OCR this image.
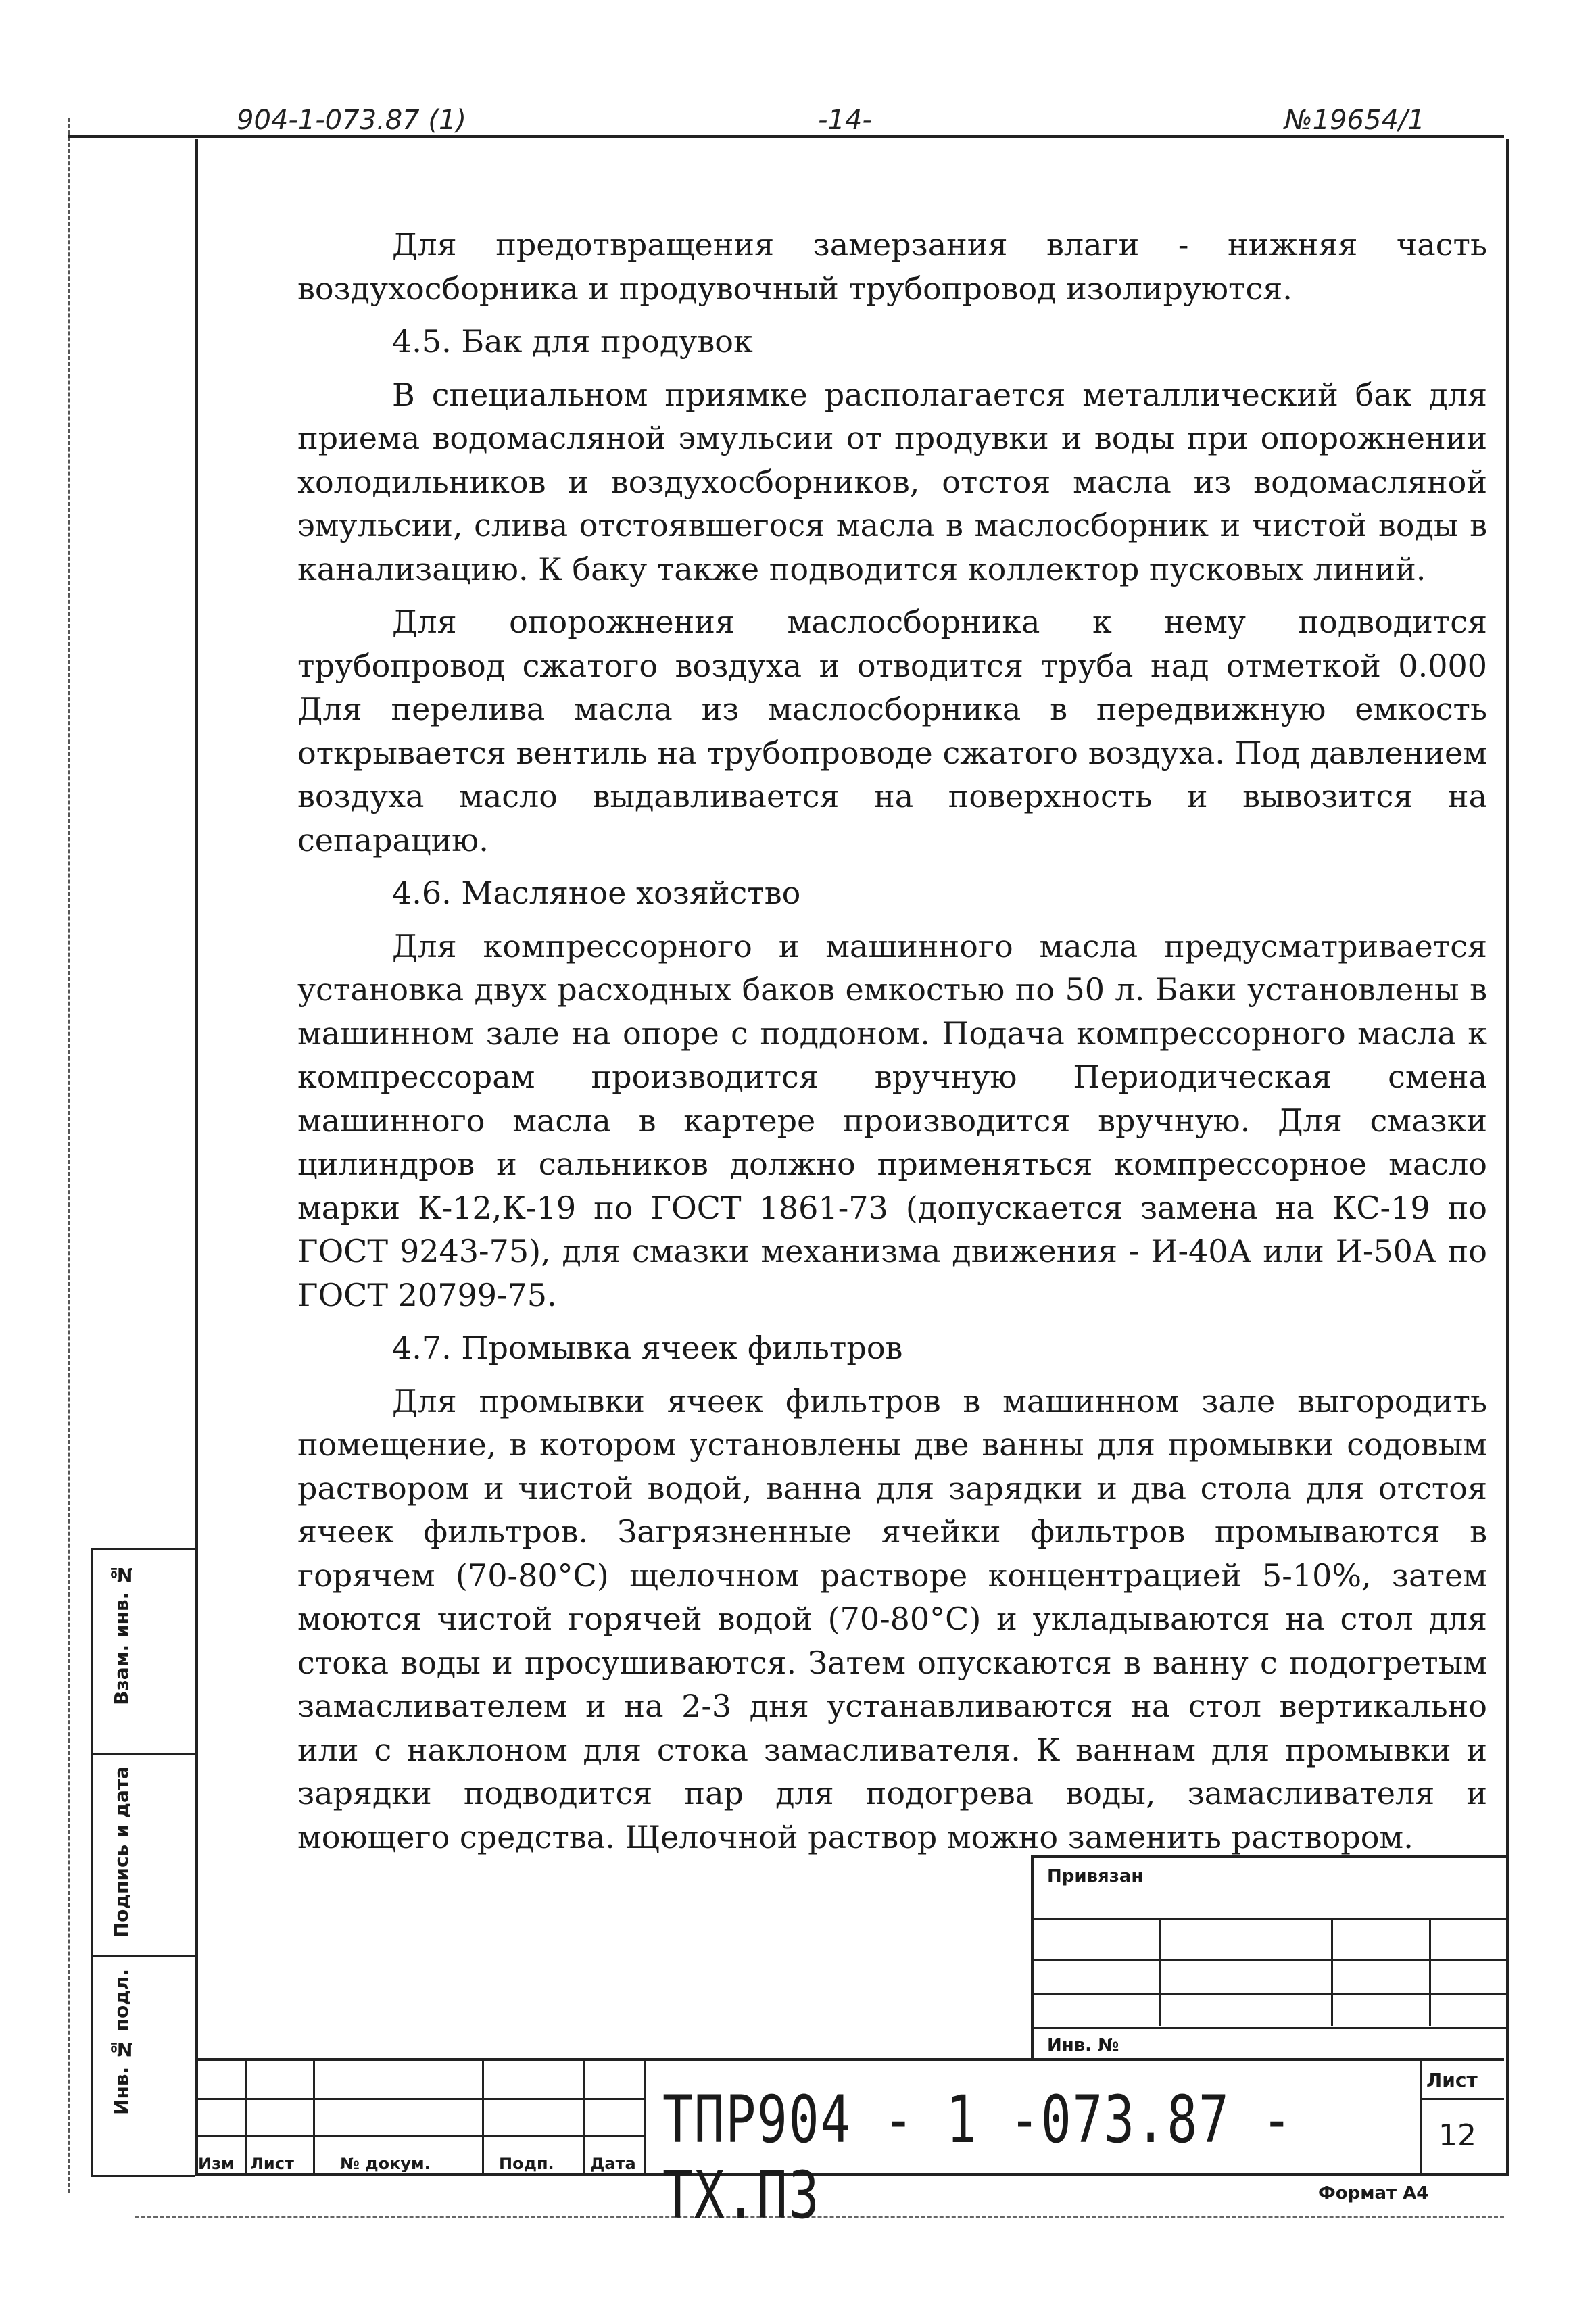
904-1-073.87 (1)	-14-	№19654/1

Для предотвращения замерзания влаги - нижняя часть воздухосборника и продувочный трубопровод изолируются.

4.5. Бак для продувок

В специальном приямке располагается металлический бак для приема водомасляной эмульсии от продувки и воды при опорожнении холодильников и воздухосборников, отстоя масла из водомасляной эмульсии, слива отстоявшегося масла в маслосборник и чистой воды в канализацию. К баку также подводится коллектор пусковых линий.

Для опорожнения маслосборника к нему подводится трубопровод сжатого воздуха и отводится труба над отметкой 0.000 Для перелива масла из маслосборника в передвижную емкость открывается вентиль на трубопроводе сжатого воздуха. Под давлением воздуха масло выдавливается на поверхность и вывозится на сепарацию.

4.6. Масляное хозяйство

Для компрессорного и машинного масла предусматривается установка двух расходных баков емкостью по 50 л. Баки установлены в машинном зале на опоре с поддоном. Подача компрессорного масла к компрессорам производится вручную Периодическая смена машинного масла в картере производится вручную. Для смазки цилиндров и сальников должно применяться компрессорное масло марки К-12,К-19 по ГОСТ 1861-73 (допускается замена на КС-19 по ГОСТ 9243-75), для смазки механизма движения - И-40А или И-50А по ГОСТ 20799-75.

4.7. Промывка ячеек фильтров

Для промывки ячеек фильтров в машинном зале выгородить помещение, в котором установлены две ванны для промывки содовым раствором и чистой водой, ванна для зарядки и два стола для отстоя ячеек фильтров. Загрязненные ячейки фильтров промываются в горячем (70-80°С) щелочном растворе концентрацией 5-10%, затем моются чистой горячей водой (70-80°С) и укладываются на стол для стока воды и просушиваются. Затем опускаются в ванну с подогретым замасливателем и на 2-3 дня устанавливаются на стол вертикально или с наклоном для стока замасливателя. К ваннам для промывки и зарядки подводится пар для подогрева воды, замасливателя и моющего средства. Щелочной раствор можно заменить раствором.

Взам. инв. №
Подпись и дата
Инв. № подл.
Привязан
Инв. №
Изм Лист	№ докум.	Подп. Дата
Лист
12
ТПР904 - 1 -073.87 - ТХ.ПЗ	Формат А4
